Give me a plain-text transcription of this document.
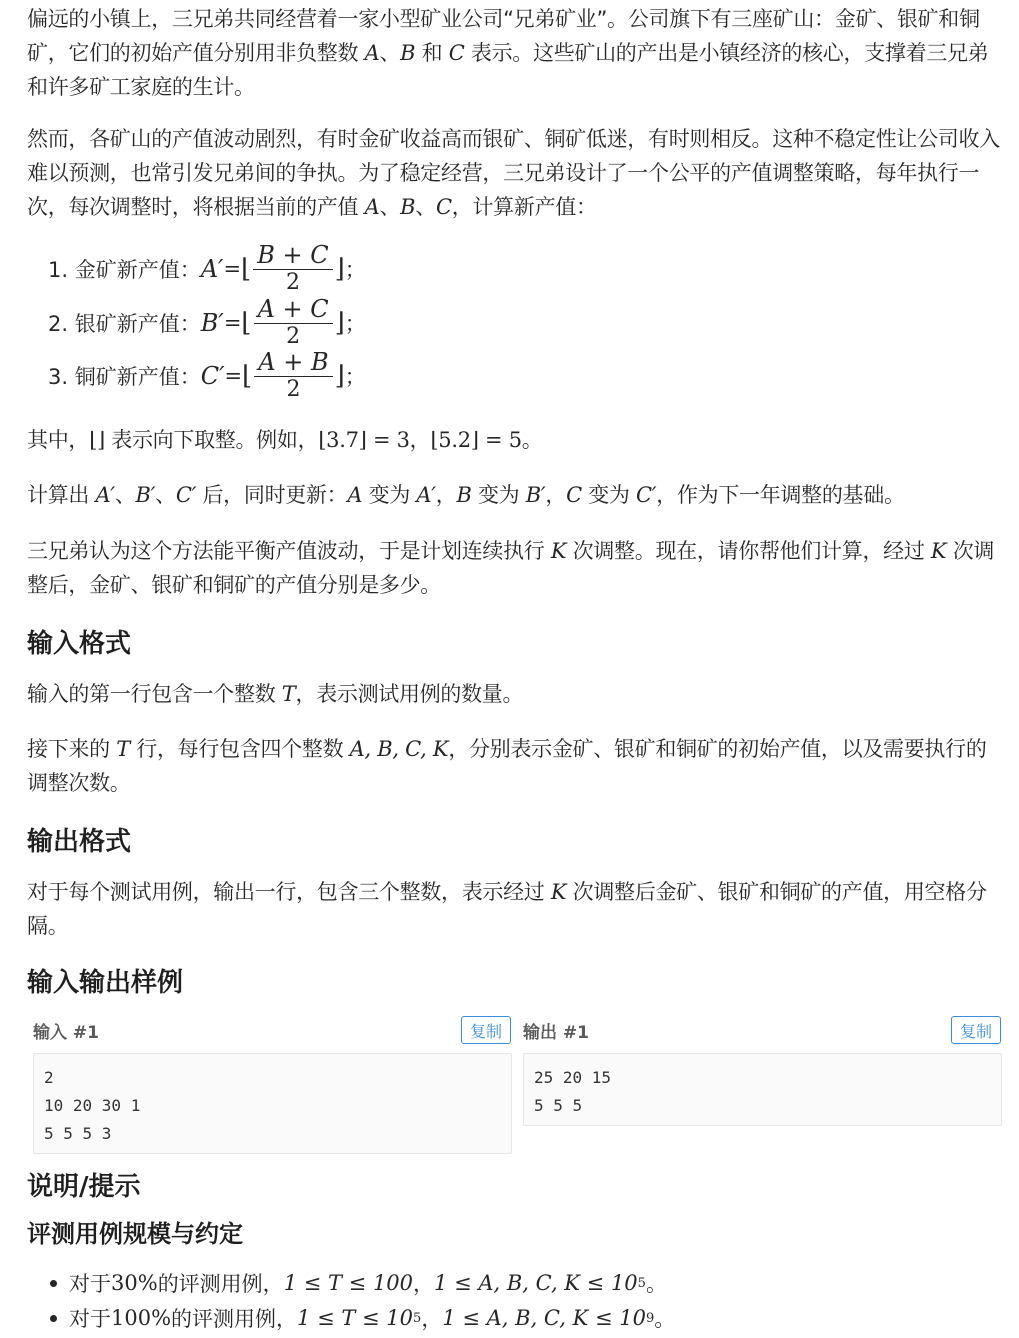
偏远的小镇上，三兄弟共同经营着一家小型矿业公司“兄弟矿业”。公司旗下有三座矿山：金矿、银矿和铜矿，它们的初始产值分别用非负整数 A、B 和 C 表示。这些矿山的产出是小镇经济的核心，支撑着三兄弟和许多矿工家庭的生计。

然而，各矿山的产值波动剧烈，有时金矿收益高而银矿、铜矿低迷，有时则相反。这种不稳定性让公司收入难以预测，也常引发兄弟间的争执。为了稳定经营，三兄弟设计了一个公平的产值调整策略，每年执行一次，每次调整时，将根据当前的产值 A、B、C，计算新产值：

1. 金矿新产值： A′ = ⌊ $\frac{B + C}{2}$ ⌋ ；
2. 银矿新产值： B′ = ⌊ $\frac{A + C}{2}$ ⌋ ；
3. 铜矿新产值： C′ = ⌊ $\frac{A + B}{2}$ ⌋ ；

其中，⌊⌋ 表示向下取整。例如，⌊3.7⌋ = 3，⌊5.2⌋ = 5。

计算出 A′、B′、C′ 后，同时更新：A 变为 A′，B 变为 B′，C 变为 C′，作为下一年调整的基础。

三兄弟认为这个方法能平衡产值波动，于是计划连续执行 K 次调整。现在，请你帮他们计算，经过 K 次调整后，金矿、银矿和铜矿的产值分别是多少。

输入格式

输入的第一行包含一个整数 T，表示测试用例的数量。

接下来的 T 行，每行包含四个整数 A, B, C, K，分别表示金矿、银矿和铜矿的初始产值，以及需要执行的调整次数。

输出格式

对于每个测试用例，输出一行，包含三个整数，表示经过 K 次调整后金矿、银矿和铜矿的产值，用空格分隔。

输入输出样例
输入 #1	复制
2
10 20 30 1
5 5 5 3
输出 #1	复制
25 20 15
5 5 5
说明/提示
评测用例规模与约定
对于 30% 的评测用例， 1 ≤ T ≤ 100 ， 1 ≤ A, B, C, K ≤ 10 5 。
对于 100% 的评测用例， 1 ≤ T ≤ 10 5 ， 1 ≤ A, B, C, K ≤ 10 9 。
